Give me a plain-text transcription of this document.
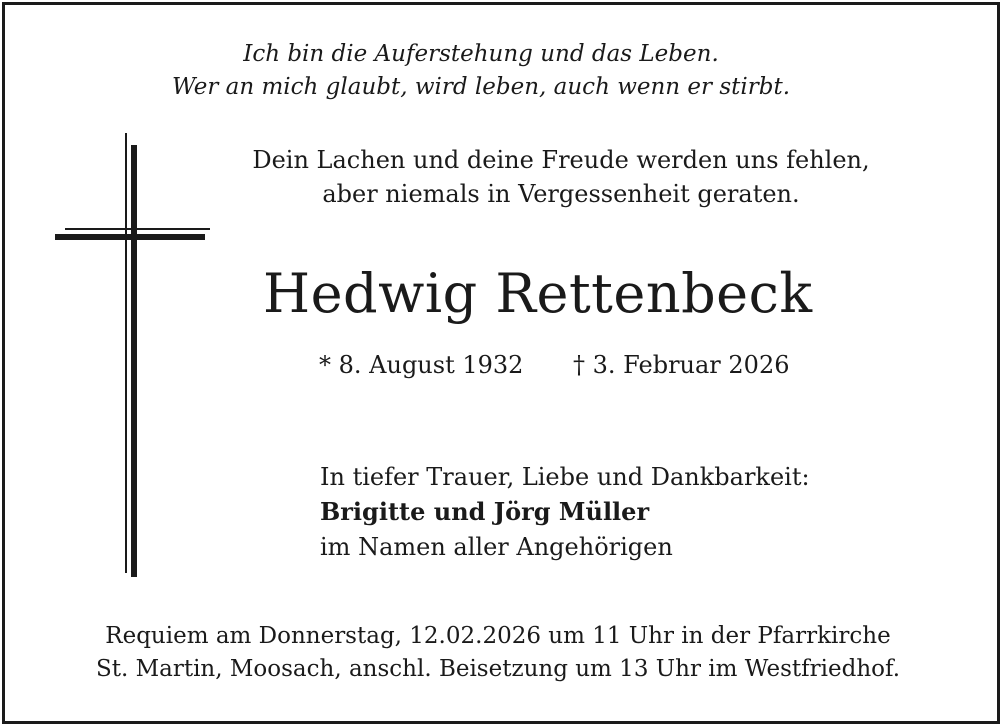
Ich bin die Auferstehung und das Leben.
Wer an mich glaubt, wird leben, auch wenn er stirbt.
Dein Lachen und deine Freude werden uns fehlen,
aber niemals in Vergessenheit geraten.
Hedwig Rettenbeck
* 8. August 1932 † 3. Februar 2026
In tiefer Trauer, Liebe und Dankbarkeit:
Brigitte und Jörg Müller
im Namen aller Angehörigen
Requiem am Donnerstag, 12.02.2026 um 11 Uhr in der Pfarrkirche
St. Martin, Moosach, anschl. Beisetzung um 13 Uhr im Westfriedhof.
